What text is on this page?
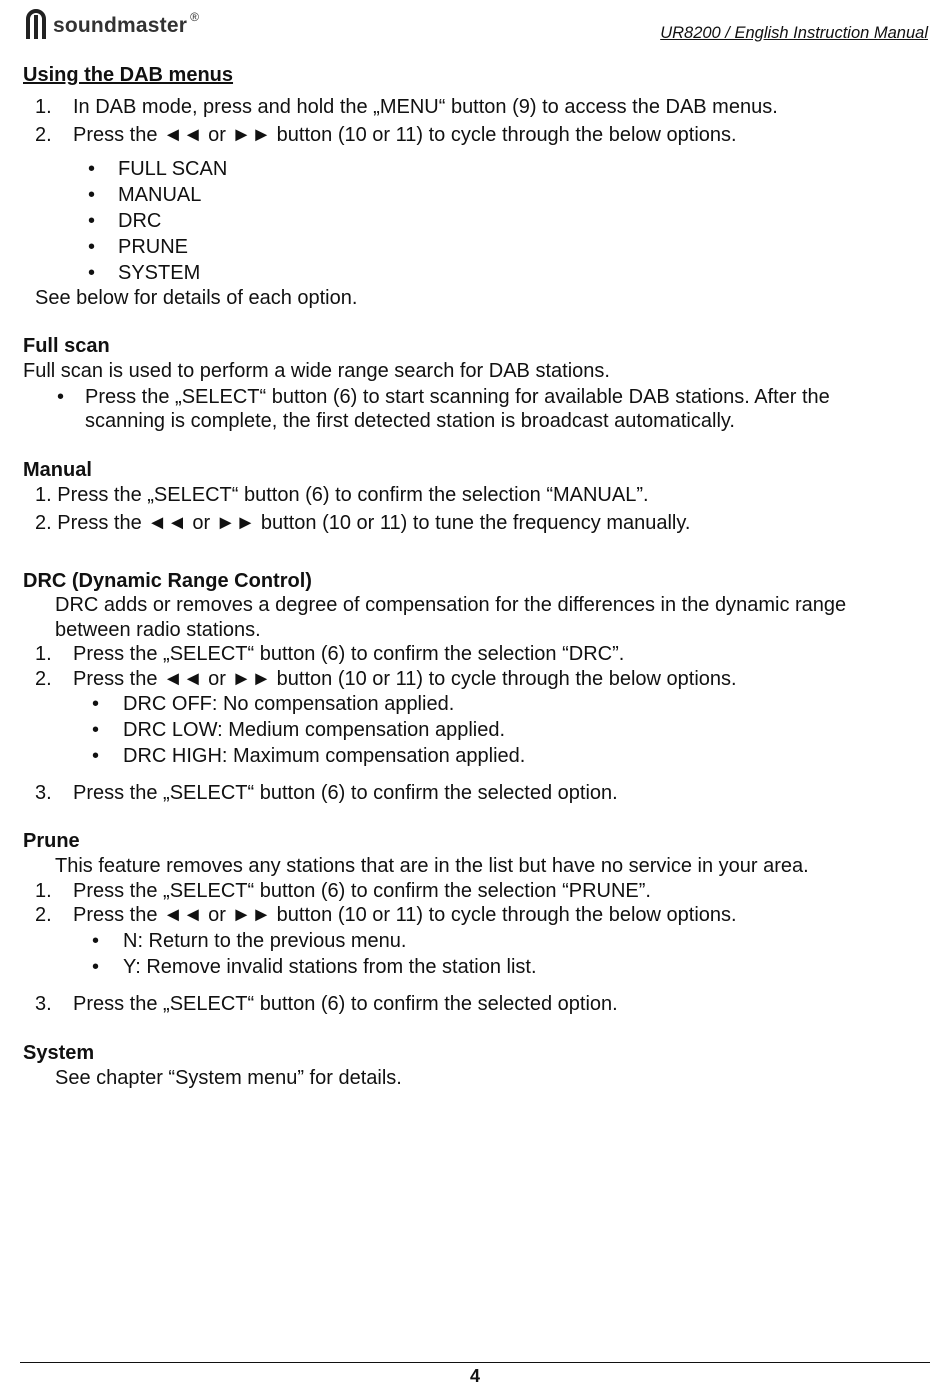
soundmaster ®
UR8200 / English Instruction Manual
Using the DAB menus
1. In DAB mode, press and hold the „MENU“ button (9) to access the DAB menus.
2. Press the ◄◄ or ►► button (10 or 11) to cycle through the below options.
• FULL SCAN
• MANUAL
• DRC
• PRUNE
• SYSTEM
See below for details of each option.
Full scan
Full scan is used to perform a wide range search for DAB stations.
• Press the „SELECT“ button (6) to start scanning for available DAB stations. After the
scanning is complete, the first detected station is broadcast automatically.
Manual
1. Press the „SELECT“ button (6) to confirm the selection “MANUAL”.
2. Press the ◄◄ or ►► button (10 or 11) to tune the frequency manually.
DRC (Dynamic Range Control)
DRC adds or removes a degree of compensation for the differences in the dynamic range
between radio stations.
1. Press the „SELECT“ button (6) to confirm the selection “DRC”.
2. Press the ◄◄ or ►► button (10 or 11) to cycle through the below options.
• DRC OFF: No compensation applied.
• DRC LOW: Medium compensation applied.
• DRC HIGH: Maximum compensation applied.
3. Press the „SELECT“ button (6) to confirm the selected option.
Prune
This feature removes any stations that are in the list but have no service in your area.
1. Press the „SELECT“ button (6) to confirm the selection “PRUNE”.
2. Press the ◄◄ or ►► button (10 or 11) to cycle through the below options.
• N: Return to the previous menu.
• Y: Remove invalid stations from the station list.
3. Press the „SELECT“ button (6) to confirm the selected option.
System
See chapter “System menu” for details.
4
